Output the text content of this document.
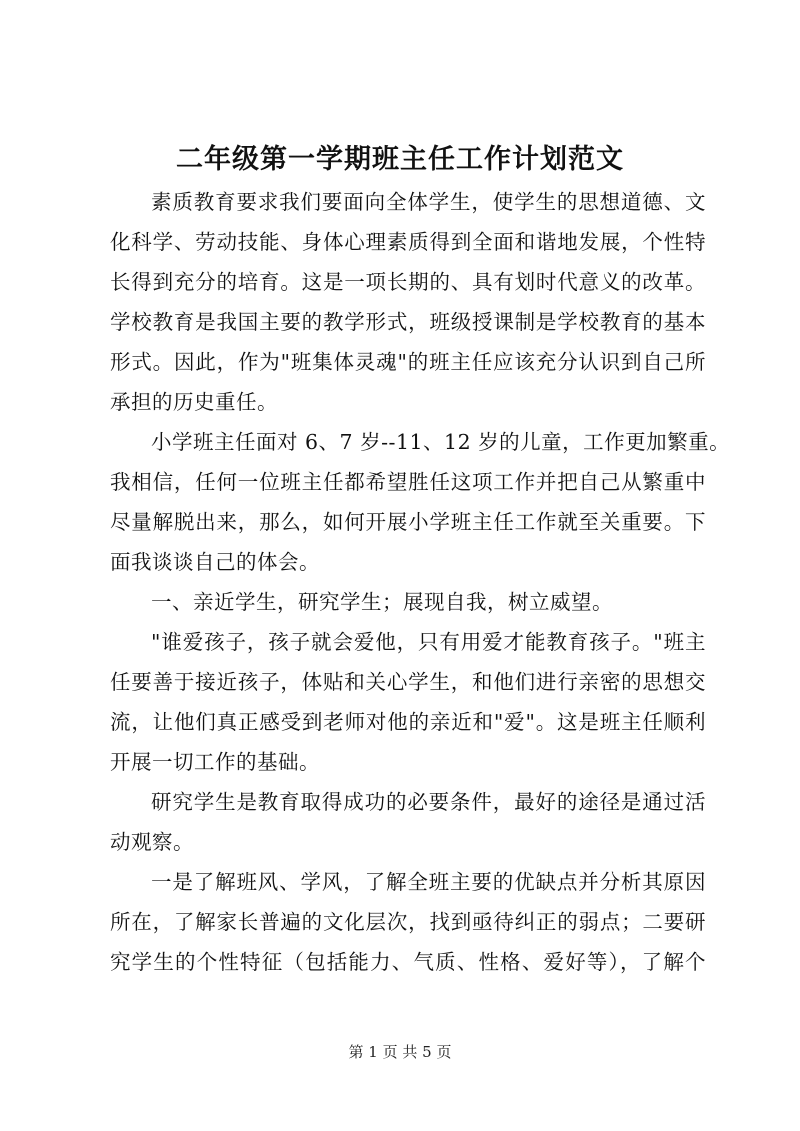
二年级第一学期班主任工作计划范文
素质教育要求我们要面向全体学生，使学生的思想道德、文
化科学、劳动技能、身体心理素质得到全面和谐地发展，个性特
长得到充分的培育。这是一项长期的、具有划时代意义的改革。
学校教育是我国主要的教学形式，班级授课制是学校教育的基本
形式。因此，作为"班集体灵魂"的班主任应该充分认识到自己所
承担的历史重任。
小学班主任面对 6、7 岁--11、12 岁的儿童，工作更加繁重。
我相信，任何一位班主任都希望胜任这项工作并把自己从繁重中
尽量解脱出来，那么，如何开展小学班主任工作就至关重要。下
面我谈谈自己的体会。
一、亲近学生，研究学生；展现自我，树立威望。
"谁爱孩子，孩子就会爱他，只有用爱才能教育孩子。"班主
任要善于接近孩子，体贴和关心学生，和他们进行亲密的思想交
流，让他们真正感受到老师对他的亲近和"爱"。这是班主任顺利
开展一切工作的基础。
研究学生是教育取得成功的必要条件，最好的途径是通过活
动观察。
一是了解班风、学风，了解全班主要的优缺点并分析其原因
所在，了解家长普遍的文化层次，找到亟待纠正的弱点；二要研
究学生的个性特征（包括能力、气质、性格、爱好等），了解个
第 1 页 共 5 页
